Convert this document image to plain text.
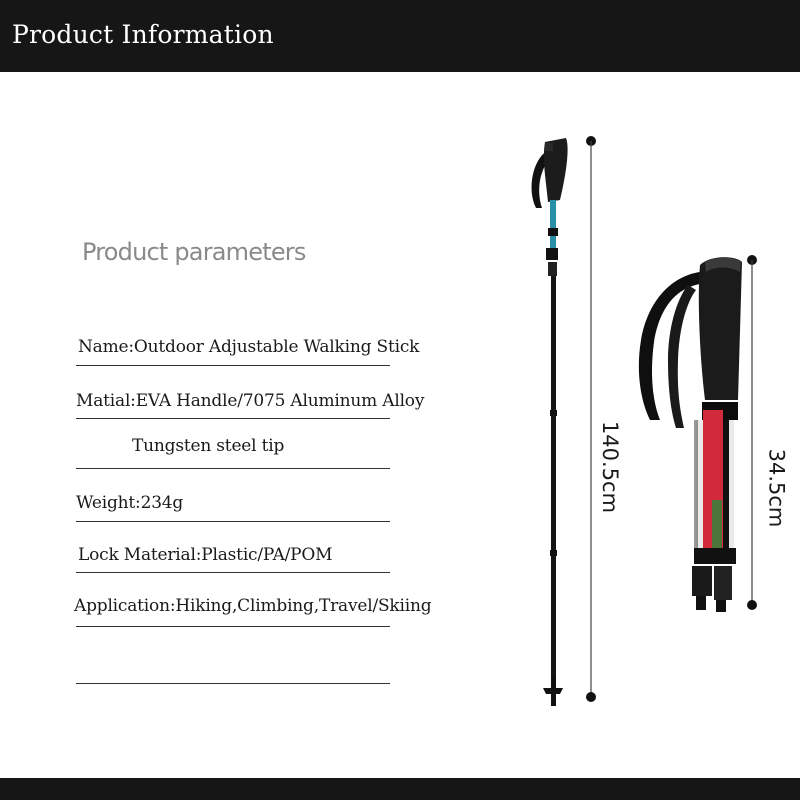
Product Information
Product parameters
Name:Outdoor Adjustable Walking Stick
Matial:EVA Handle/7075 Aluminum Alloy
Tungsten steel tip
Weight:234g
Lock Material:Plastic/PA/POM
Application:Hiking,Climbing,Travel/Skiing
140.5cm	34.5cm
